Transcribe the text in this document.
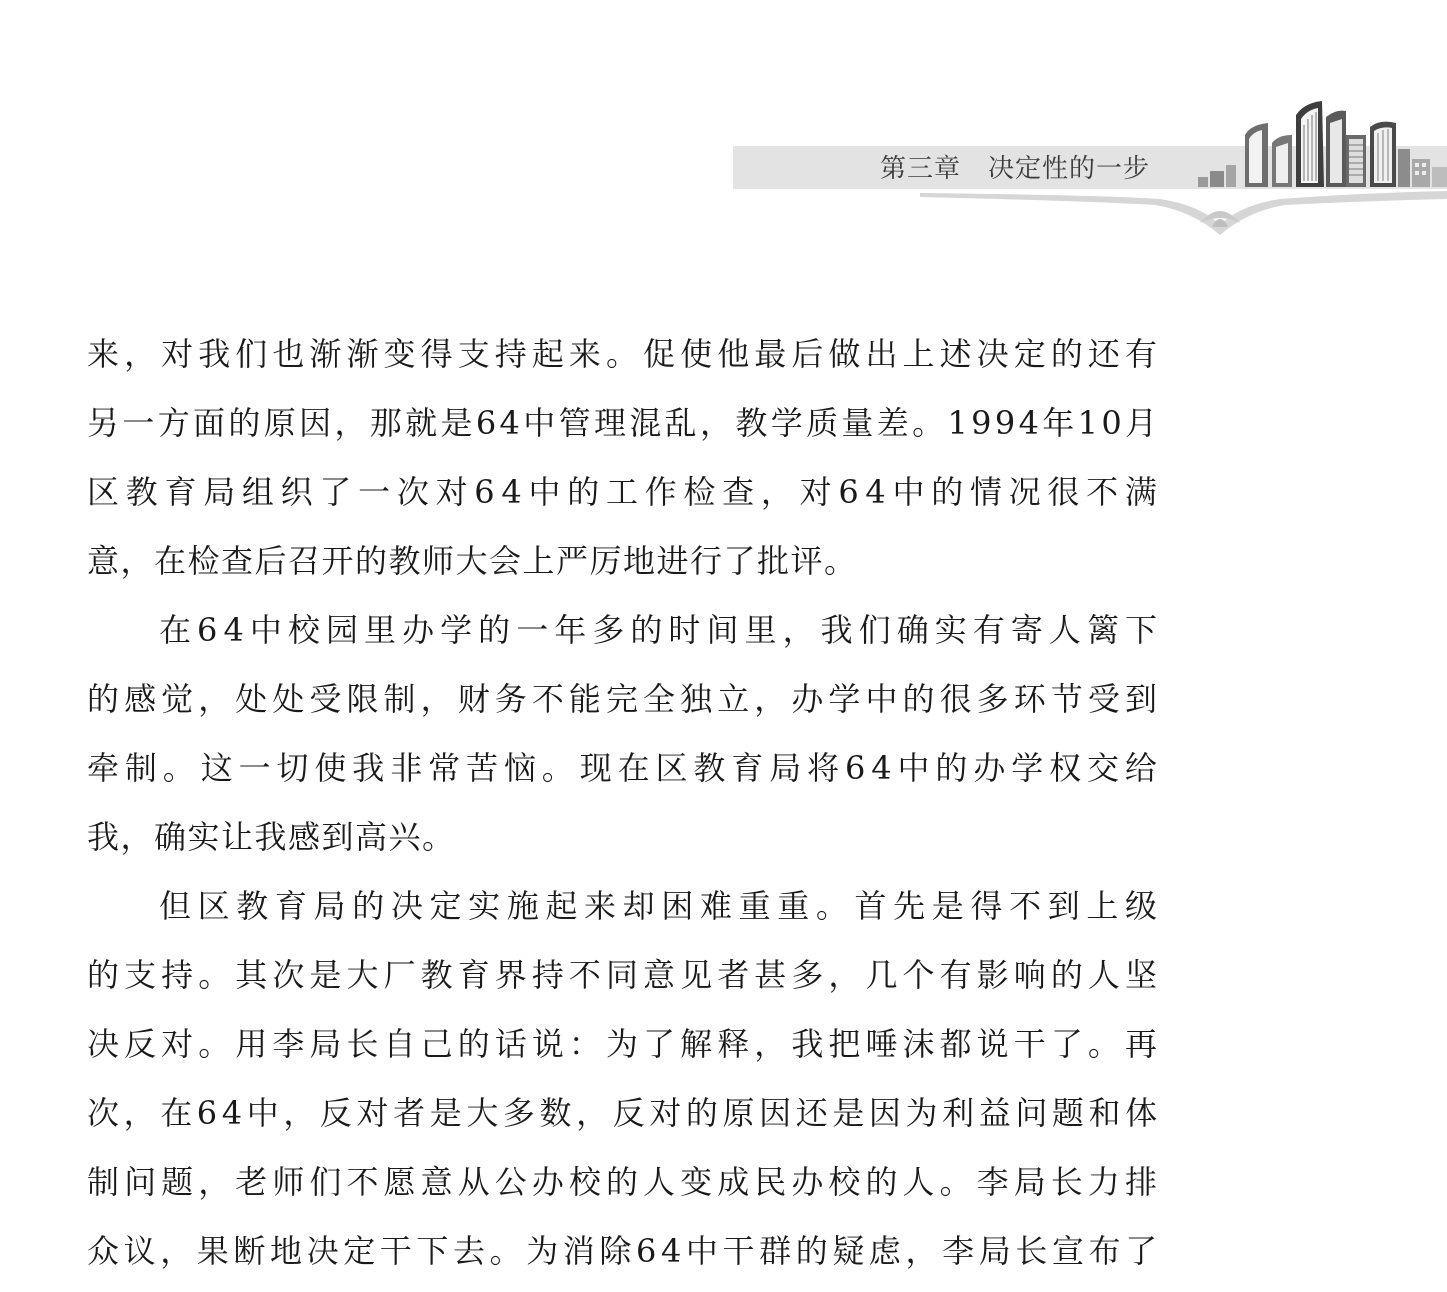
第三章　决定性的一步
来，对我们也渐渐变得支持起来。促使他最后做出上述决定的还有
另一方面的原因，那就是64中管理混乱，教学质量差。1994年10月
区教育局组织了一次对64中的工作检查，对64中的情况很不满
意，在检查后召开的教师大会上严厉地进行了批评。
在64中校园里办学的一年多的时间里，我们确实有寄人篱下
的感觉，处处受限制，财务不能完全独立，办学中的很多环节受到
牵制。这一切使我非常苦恼。现在区教育局将64中的办学权交给
我，确实让我感到高兴。
但区教育局的决定实施起来却困难重重。首先是得不到上级
的支持。其次是大厂教育界持不同意见者甚多，几个有影响的人坚
决反对。用李局长自己的话说：为了解释，我把唾沫都说干了。再
次，在64中，反对者是大多数，反对的原因还是因为利益问题和体
制问题，老师们不愿意从公办校的人变成民办校的人。李局长力排
众议，果断地决定干下去。为消除64中干群的疑虑，李局长宣布了
